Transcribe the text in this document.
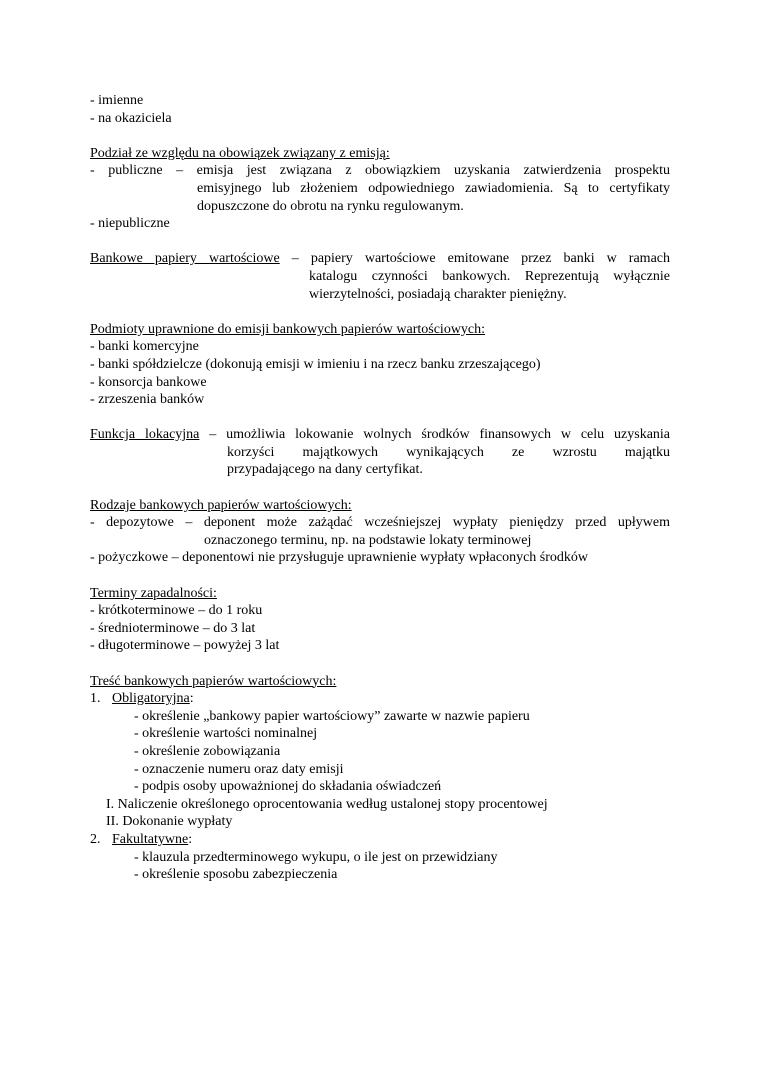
- imienne
- na okaziciela
Podział ze względu na obowiązek związany z emisją:
- publiczne – emisja jest związana z obowiązkiem uzyskania zatwierdzenia prospektu
emisyjnego lub złożeniem odpowiedniego zawiadomienia. Są to certyfikaty
dopuszczone do obrotu na rynku regulowanym.
- niepubliczne
Bankowe papiery wartościowe – papiery wartościowe emitowane przez banki w ramach
katalogu czynności bankowych. Reprezentują wyłącznie
wierzytelności, posiadają charakter pieniężny.
Podmioty uprawnione do emisji bankowych papierów wartościowych:
- banki komercyjne
- banki spółdzielcze (dokonują emisji w imieniu i na rzecz banku zrzeszającego)
- konsorcja bankowe
- zrzeszenia banków
Funkcja lokacyjna – umożliwia lokowanie wolnych środków finansowych w celu uzyskania
korzyści majątkowych wynikających ze wzrostu majątku
przypadającego na dany certyfikat.
Rodzaje bankowych papierów wartościowych:
- depozytowe – deponent może zażądać wcześniejszej wypłaty pieniędzy przed upływem
oznaczonego terminu, np. na podstawie lokaty terminowej
- pożyczkowe – deponentowi nie przysługuje uprawnienie wypłaty wpłaconych środków
Terminy zapadalności:
- krótkoterminowe – do 1 roku
- średnioterminowe – do 3 lat
- długoterminowe – powyżej 3 lat
Treść bankowych papierów wartościowych:
1. Obligatoryjna:
- określenie „bankowy papier wartościowy” zawarte w nazwie papieru
- określenie wartości nominalnej
- określenie zobowiązania
- oznaczenie numeru oraz daty emisji
- podpis osoby upoważnionej do składania oświadczeń
I. Naliczenie określonego oprocentowania według ustalonej stopy procentowej
II. Dokonanie wypłaty
2. Fakultatywne:
- klauzula przedterminowego wykupu, o ile jest on przewidziany
- określenie sposobu zabezpieczenia
